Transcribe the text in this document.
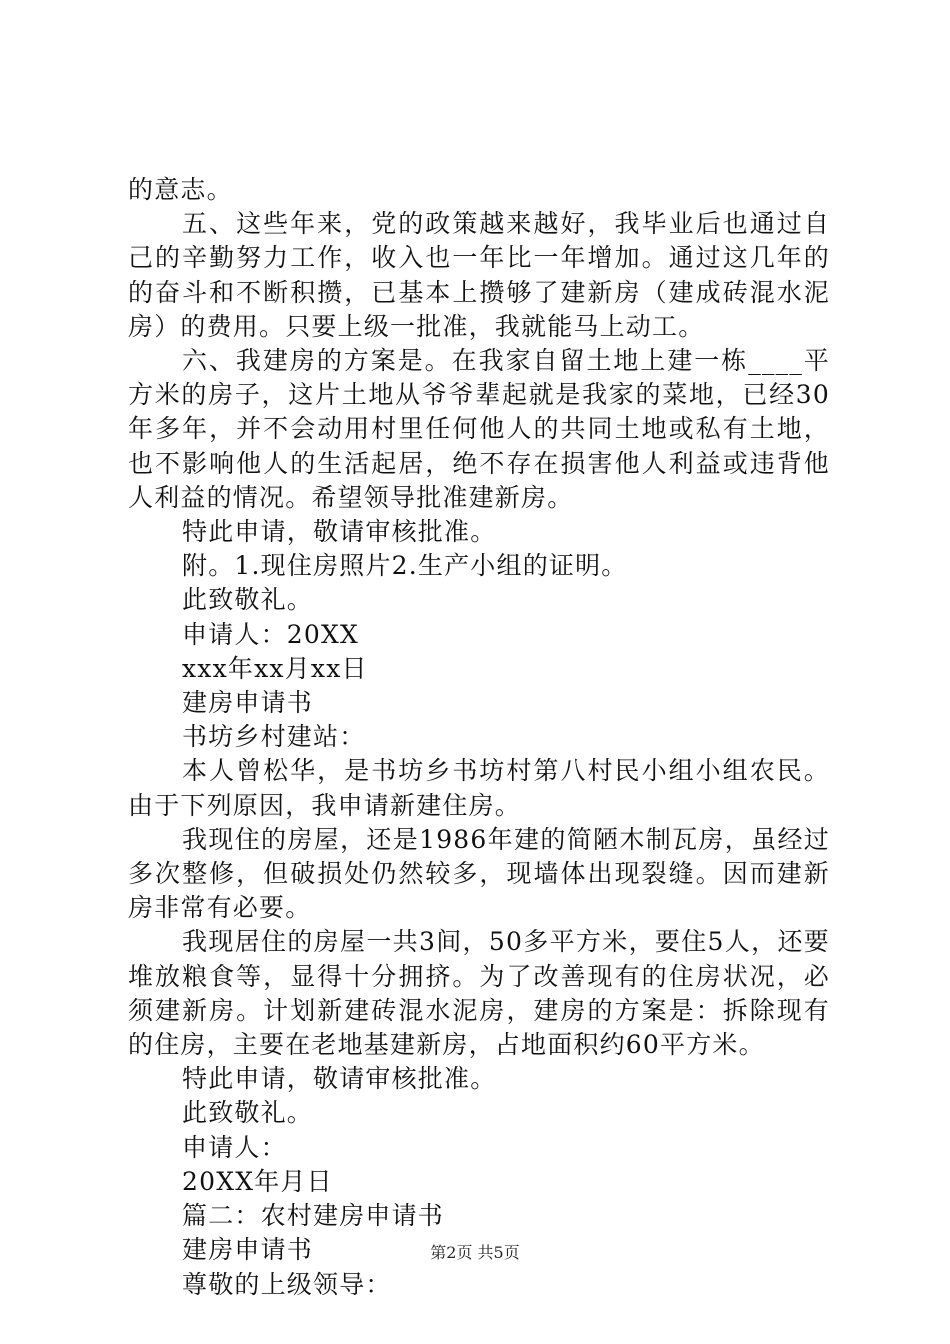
的意志。

五、这些年来，党的政策越来越好，我毕业后也通过自己的辛勤努力工作，收入也一年比一年增加。通过这几年的的奋斗和不断积攒，已基本上攒够了建新房（建成砖混水泥房）的费用。只要上级一批准，我就能马上动工。

六、我建房的方案是。在我家自留土地上建一栋____平方米的房子，这片土地从爷爷辈起就是我家的菜地，已经30年多年，并不会动用村里任何他人的共同土地或私有土地，也不影响他人的生活起居，绝不存在损害他人利益或违背他人利益的情况。希望领导批准建新房。

特此申请，敬请审核批准。

附。1.现住房照片2.生产小组的证明。

此致敬礼。

申请人：20XX

xxx年xx月xx日

建房申请书

书坊乡村建站：

本人曾松华，是书坊乡书坊村第八村民小组小组农民。由于下列原因，我申请新建住房。

我现住的房屋，还是1986年建的简陋木制瓦房，虽经过多次整修，但破损处仍然较多，现墙体出现裂缝。因而建新房非常有必要。

我现居住的房屋一共3间，50多平方米，要住5人，还要堆放粮食等，显得十分拥挤。为了改善现有的住房状况，必须建新房。计划新建砖混水泥房，建房的方案是：拆除现有的住房，主要在老地基建新房，占地面积约60平方米。

特此申请，敬请审核批准。

此致敬礼。

申请人：

20XX年月日

篇二：农村建房申请书

建房申请书

尊敬的上级领导：

第2页 共5页
